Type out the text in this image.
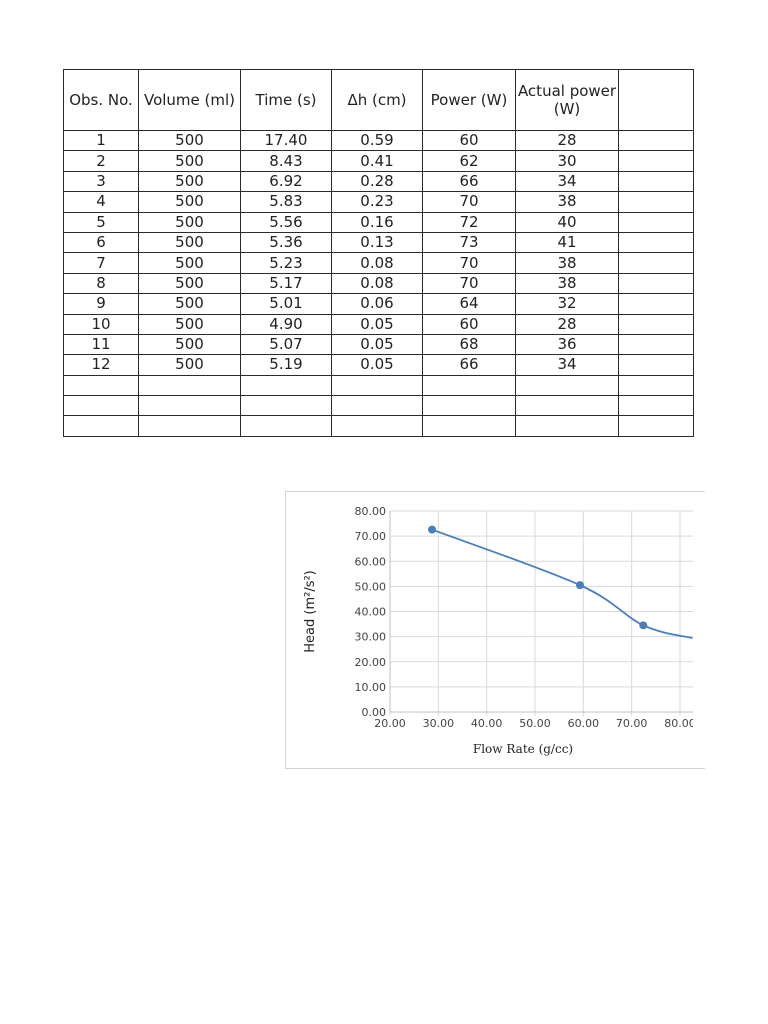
Obs. No.	Volume (ml)	Time (s)	Δh (cm)	Power (W)	Actual power (W)	
1	500	17.40	0.59	60	28	
2	500	8.43	0.41	62	30	
3	500	6.92	0.28	66	34	
4	500	5.83	0.23	70	38	
5	500	5.56	0.16	72	40	
6	500	5.36	0.13	73	41	
7	500	5.23	0.08	70	38	
8	500	5.17	0.08	70	38	
9	500	5.01	0.06	64	32	
10	500	4.90	0.05	60	28	
11	500	5.07	0.05	68	36	
12	500	5.19	0.05	66	34	

0.00
10.00
20.00
30.00
40.00
50.00
60.00
70.00
80.00
20.00 30.00 40.00 50.00 60.00 70.00 80.00
Head (m²/s²)
Flow Rate (g/cc)
